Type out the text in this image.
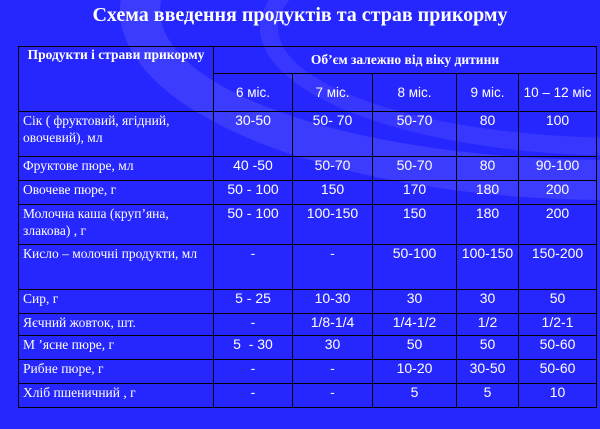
Схема введення продуктів та страв прикорму
Продукти і страви прикорму	Об’єм залежно від віку дитини				
	6 міс.	7 міс.	8 міс.	9 міс.	10 – 12 міс
Сік ( фруктовий, ягідний, овочевий), мл	30-50	50- 70	50-70	80	100
Фруктове пюре, мл	40 -50	50-70	50-70	80	90-100
Овочеве пюре, г	50 - 100	150	170	180	200
Молочна каша (круп’яна, злакова) , г	50 - 100	100-150	150	180	200
Кисло – молочні продукти, мл	-	-	50-100	100-150	150-200
Сир, г	5 - 25	10-30	30	30	50
Яєчний жовток, шт.	-	1/8-1/4	1/4-1/2	1/2	1/2-1
М ’ясне пюре, г	5  - 30	30	50	50	50-60
Рибне пюре, г	-	-	10-20	30-50	50-60
Хліб пшеничний , г	-	-	5	5	10
